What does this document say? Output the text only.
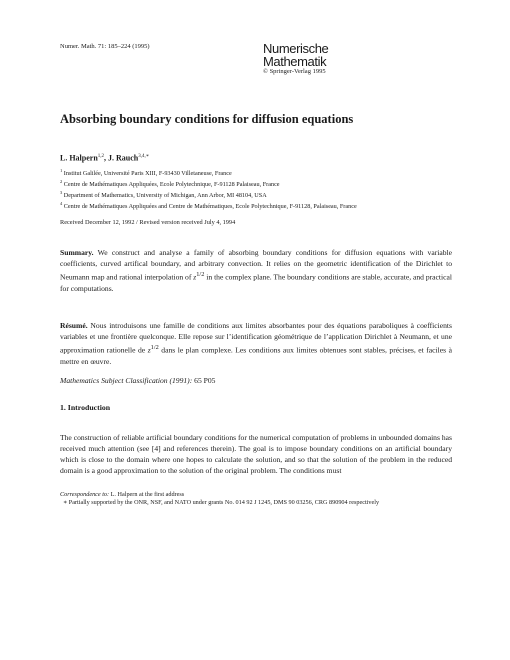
Numer. Math. 71: 185–224 (1995)	Numerische
Mathematik
© Springer-Verlag 1995
Absorbing boundary conditions for diffusion equations
L. Halpern$^{1,2}$, J. Rauch$^{3,4,∗}$
$^1$ Institut Galilée, Université Paris XIII, F-93430 Villetaneuse, France
$^2$ Centre de Mathématiques Appliquées, Ecole Polytechnique, F-91128 Palaiseau, France
$^3$ Department of Mathematics, University of Michigan, Ann Arbor, MI 48104, USA
$^4$ Centre de Mathématiques Appliquées and Centre de Mathématiques, Ecole Polytechnique, F-91128, Palaiseau, France
Received December 12, 1992 / Revised version received July 4, 1994

Summary. We construct and analyse a family of absorbing boundary conditions for diffusion equations with variable coefficients, curved artifical boundary, and arbitrary convection. It relies on the geometric identification of the Dirichlet to Neumann map and rational interpolation of $z^{1/2}$ in the complex plane. The boundary conditions are stable, accurate, and practical for computations.

Résumé. Nous introduisons une famille de conditions aux limites absorbantes pour des équations paraboliques à coefficients variables et une frontière quelconque. Elle repose sur l’identification géométrique de l’application Dirichlet à Neumann, et une approximation rationelle de $z^{1/2}$ dans le plan complexe. Les conditions aux limites obtenues sont stables, précises, et faciles à mettre en œuvre.

Mathematics Subject Classification (1991): 65 P05

1. Introduction

The construction of reliable artificial boundary conditions for the numerical computation of problems in unbounded domains has received much attention (see [4] and references therein). The goal is to impose boundary conditions on an artificial boundary which is close to the domain where one hopes to calculate the solution, and so that the solution of the problem in the reduced domain is a good approximation to the solution of the original problem. The conditions must

Correspondence to: L. Halpern at the first address
∗ Partially supported by the ONR, NSF, and NATO under grants No. 014 92 J 1245, DMS 90 03256, CRG 890904 respectively
